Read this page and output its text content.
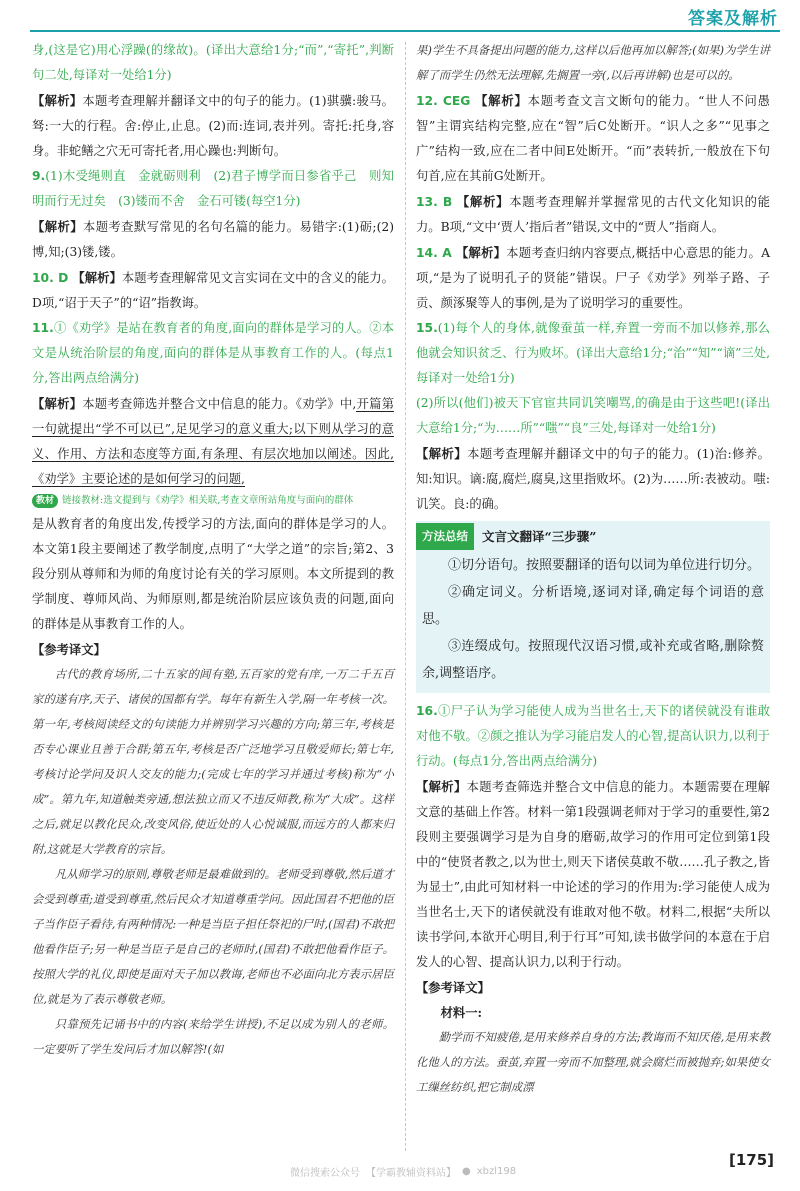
答案及解析

身,(这是它)用心浮躁(的缘故)。(译出大意给1分;“而”,“寄托”,判断句二处,每译对一处给1分)

【解析】本题考查理解并翻译文中的句子的能力。(1)骐骥:骏马。驽:一大的行程。舍:停止,止息。(2)而:连词,表并列。寄托:托身,容身。非蛇鳝之穴无可寄托者,用心躁也:判断句。

9.(1)木受绳则直　金就砺则利　(2)君子博学而日参省乎己　则知明而行无过矣　(3)镂而不舍　金石可镂(每空1分)

【解析】本题考查默写常见的名句名篇的能力。易错字:(1)砺;(2)博,知;(3)镂,镂。

10. D 【解析】本题考查理解常见文言实词在文中的含义的能力。D项,“诏于天子”的“诏”指教诲。

11.①《劝学》是站在教育者的角度,面向的群体是学习的人。②本文是从统治阶层的角度,面向的群体是从事教育工作的人。(每点1分,答出两点给满分)

【解析】本题考查筛选并整合文中信息的能力。《劝学》中,开篇第一句就提出“学不可以已”,足见学习的意义重大;以下则从学习的意义、作用、方法和态度等方面,有条理、有层次地加以阐述。因此,《劝学》主要论述的是如何学习的问题,

教材 链接教材:选文提到与《劝学》相关联,考查文章所站角度与面向的群体

是从教育者的角度出发,传授学习的方法,面向的群体是学习的人。本文第1段主要阐述了教学制度,点明了“大学之道”的宗旨;第2、3段分别从尊师和为师的角度讨论有关的学习原则。本文所提到的教学制度、尊师风尚、为师原则,都是统治阶层应该负责的问题,面向的群体是从事教育工作的人。

【参考译文】

古代的教育场所,二十五家的闾有塾,五百家的党有庠,一万二千五百家的遂有序,天子、诸侯的国都有学。每年有新生入学,隔一年考核一次。第一年,考核阅读经文的句读能力并辨别学习兴趣的方向;第三年,考核是否专心课业且善于合群;第五年,考核是否广泛地学习且敬爱师长;第七年,考核讨论学问及识人交友的能力;(完成七年的学习并通过考核)称为“小成”。第九年,知道触类旁通,想法独立而又不违反师教,称为“大成”。这样之后,就足以教化民众,改变风俗,使近处的人心悦诚服,而远方的人都来归附,这就是大学教育的宗旨。

凡从师学习的原则,尊敬老师是最难做到的。老师受到尊敬,然后道才会受到尊重;道受到尊重,然后民众才知道尊重学问。因此国君不把他的臣子当作臣子看待,有两种情况:一种是当臣子担任祭祀的尸时,(国君)不敢把他看作臣子;另一种是当臣子是自己的老师时,(国君)不敢把他看作臣子。按照大学的礼仪,即使是面对天子加以教诲,老师也不必面向北方表示居臣位,就是为了表示尊敬老师。

只靠预先记诵书中的内容(来给学生讲授),不足以成为别人的老师。一定要听了学生发问后才加以解答!(如

果)学生不具备提出问题的能力,这样以后他再加以解答;(如果)为学生讲解了而学生仍然无法理解,先搁置一旁(,以后再讲解)也是可以的。

12. CEG 【解析】本题考查文言文断句的能力。“世人不问愚智”主谓宾结构完整,应在“智”后C处断开。“识人之多”“见事之广”结构一致,应在二者中间E处断开。“而”表转折,一般放在下句句首,应在其前G处断开。

13. B 【解析】本题考查理解并掌握常见的古代文化知识的能力。B项,“文中‘贾人’指后者”错误,文中的“贾人”指商人。

14. A 【解析】本题考查归纳内容要点,概括中心意思的能力。A项,“是为了说明孔子的贤能”错误。尸子《劝学》列举子路、子贡、颜涿聚等人的事例,是为了说明学习的重要性。

15.(1)每个人的身体,就像蚕茧一样,弃置一旁而不加以修养,那么他就会知识贫乏、行为败坏。(译出大意给1分;“治”“知”“谪”三处,每译对一处给1分)

(2)所以(他们)被天下官宦共同讥笑嘲骂,的确是由于这些吧!(译出大意给1分;“为……所”“嗤”“良”三处,每译对一处给1分)

【解析】本题考查理解并翻译文中的句子的能力。(1)治:修养。知:知识。谪:腐,腐烂,腐臭,这里指败坏。(2)为……所:表被动。嗤:讥笑。良:的确。

方法总结	文言文翻译“三步骤”

①切分语句。按照要翻译的语句以词为单位进行切分。

②确定词义。分析语境,逐词对译,确定每个词语的意思。

③连缀成句。按照现代汉语习惯,或补充或省略,删除赘余,调整语序。

16.①尸子认为学习能使人成为当世名士,天下的诸侯就没有谁敢对他不敬。②颜之推认为学习能启发人的心智,提高认识力,以利于行动。(每点1分,答出两点给满分)

【解析】本题考查筛选并整合文中信息的能力。本题需要在理解文意的基础上作答。材料一第1段强调老师对于学习的重要性,第2段则主要强调学习是为自身的磨砺,故学习的作用可定位到第1段中的“使贤者教之,以为世士,则天下诸侯莫敢不敬……孔子教之,皆为显士”,由此可知材料一中论述的学习的作用为:学习能使人成为当世名士,天下的诸侯就没有谁敢对他不敬。材料二,根据“夫所以读书学问,本欲开心明目,利于行耳”可知,读书做学问的本意在于启发人的心智、提高认识力,以利于行动。

【参考译文】

材料一:

勤学而不知疲倦,是用来修养自身的方法;教诲而不知厌倦,是用来教化他人的方法。蚕茧,弃置一旁而不加整理,就会腐烂而被抛弃;如果使女工缫丝纺织,把它制成漂

微信搜索公众号 【学霸教辅资料站】 ● xbzl198
[175]
